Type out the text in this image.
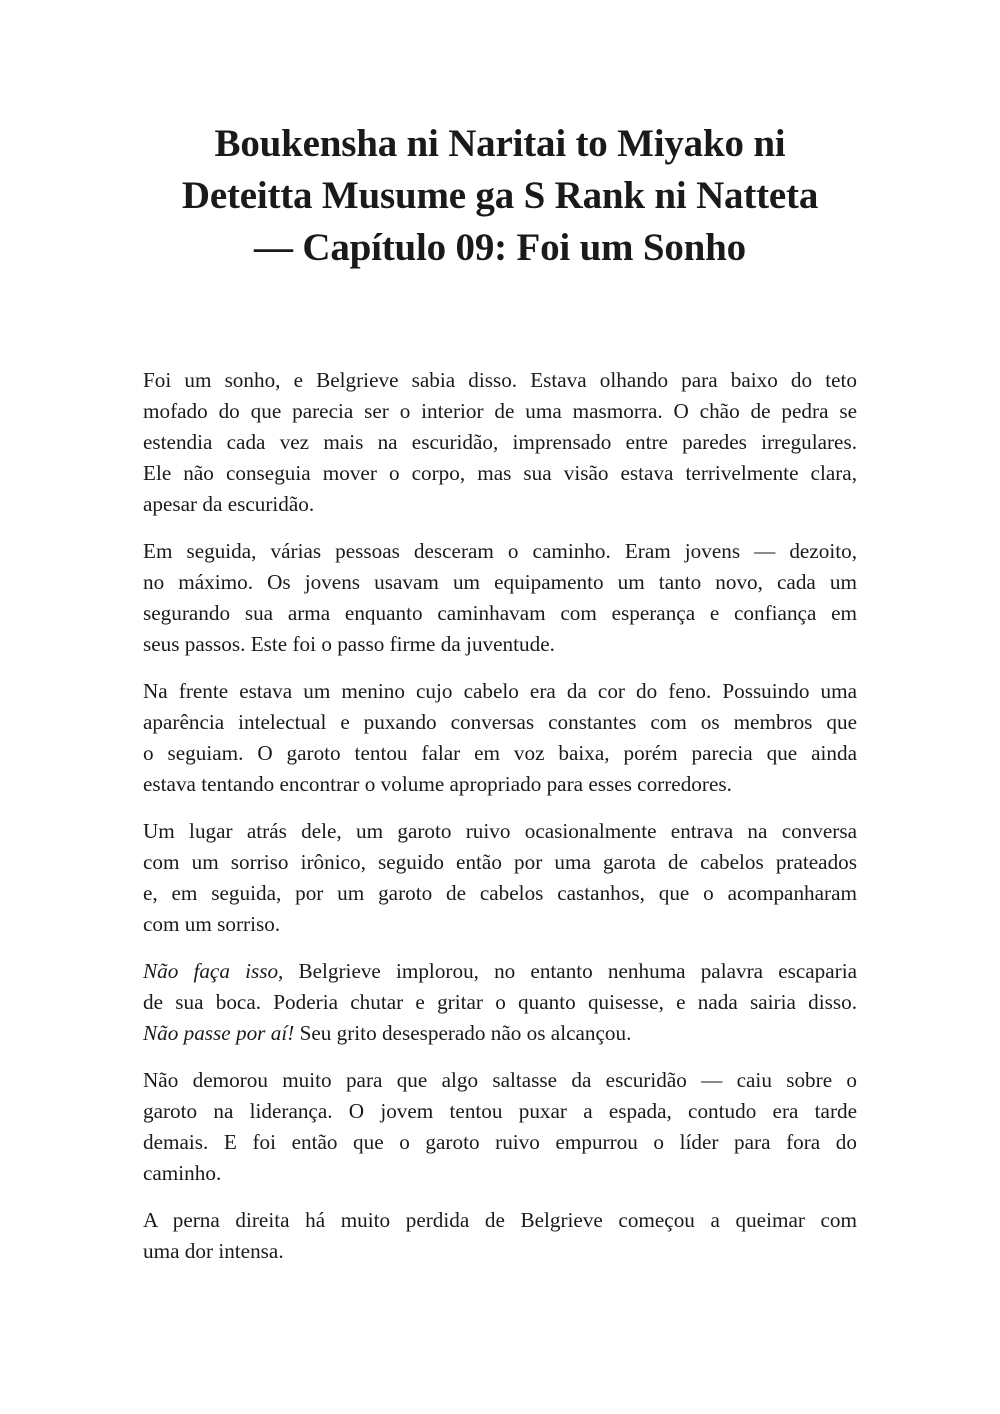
Boukensha ni Naritai to Miyako ni
Deteitta Musume ga S Rank ni Natteta
— Capítulo 09: Foi um Sonho

Foi um sonho, e Belgrieve sabia disso. Estava olhando para baixo do teto
mofado do que parecia ser o interior de uma masmorra. O chão de pedra se
estendia cada vez mais na escuridão, imprensado entre paredes irregulares.
Ele não conseguia mover o corpo, mas sua visão estava terrivelmente clara,
apesar da escuridão.

Em seguida, várias pessoas desceram o caminho. Eram jovens — dezoito,
no máximo. Os jovens usavam um equipamento um tanto novo, cada um
segurando sua arma enquanto caminhavam com esperança e confiança em
seus passos. Este foi o passo firme da juventude.

Na frente estava um menino cujo cabelo era da cor do feno. Possuindo uma
aparência intelectual e puxando conversas constantes com os membros que
o seguiam. O garoto tentou falar em voz baixa, porém parecia que ainda
estava tentando encontrar o volume apropriado para esses corredores.

Um lugar atrás dele, um garoto ruivo ocasionalmente entrava na conversa
com um sorriso irônico, seguido então por uma garota de cabelos prateados
e, em seguida, por um garoto de cabelos castanhos, que o acompanharam
com um sorriso.

Não faça isso, Belgrieve implorou, no entanto nenhuma palavra escaparia
de sua boca. Poderia chutar e gritar o quanto quisesse, e nada sairia disso.
Não passe por aí! Seu grito desesperado não os alcançou.

Não demorou muito para que algo saltasse da escuridão — caiu sobre o
garoto na liderança. O jovem tentou puxar a espada, contudo era tarde
demais. E foi então que o garoto ruivo empurrou o líder para fora do
caminho.

A perna direita há muito perdida de Belgrieve começou a queimar com
uma dor intensa.
